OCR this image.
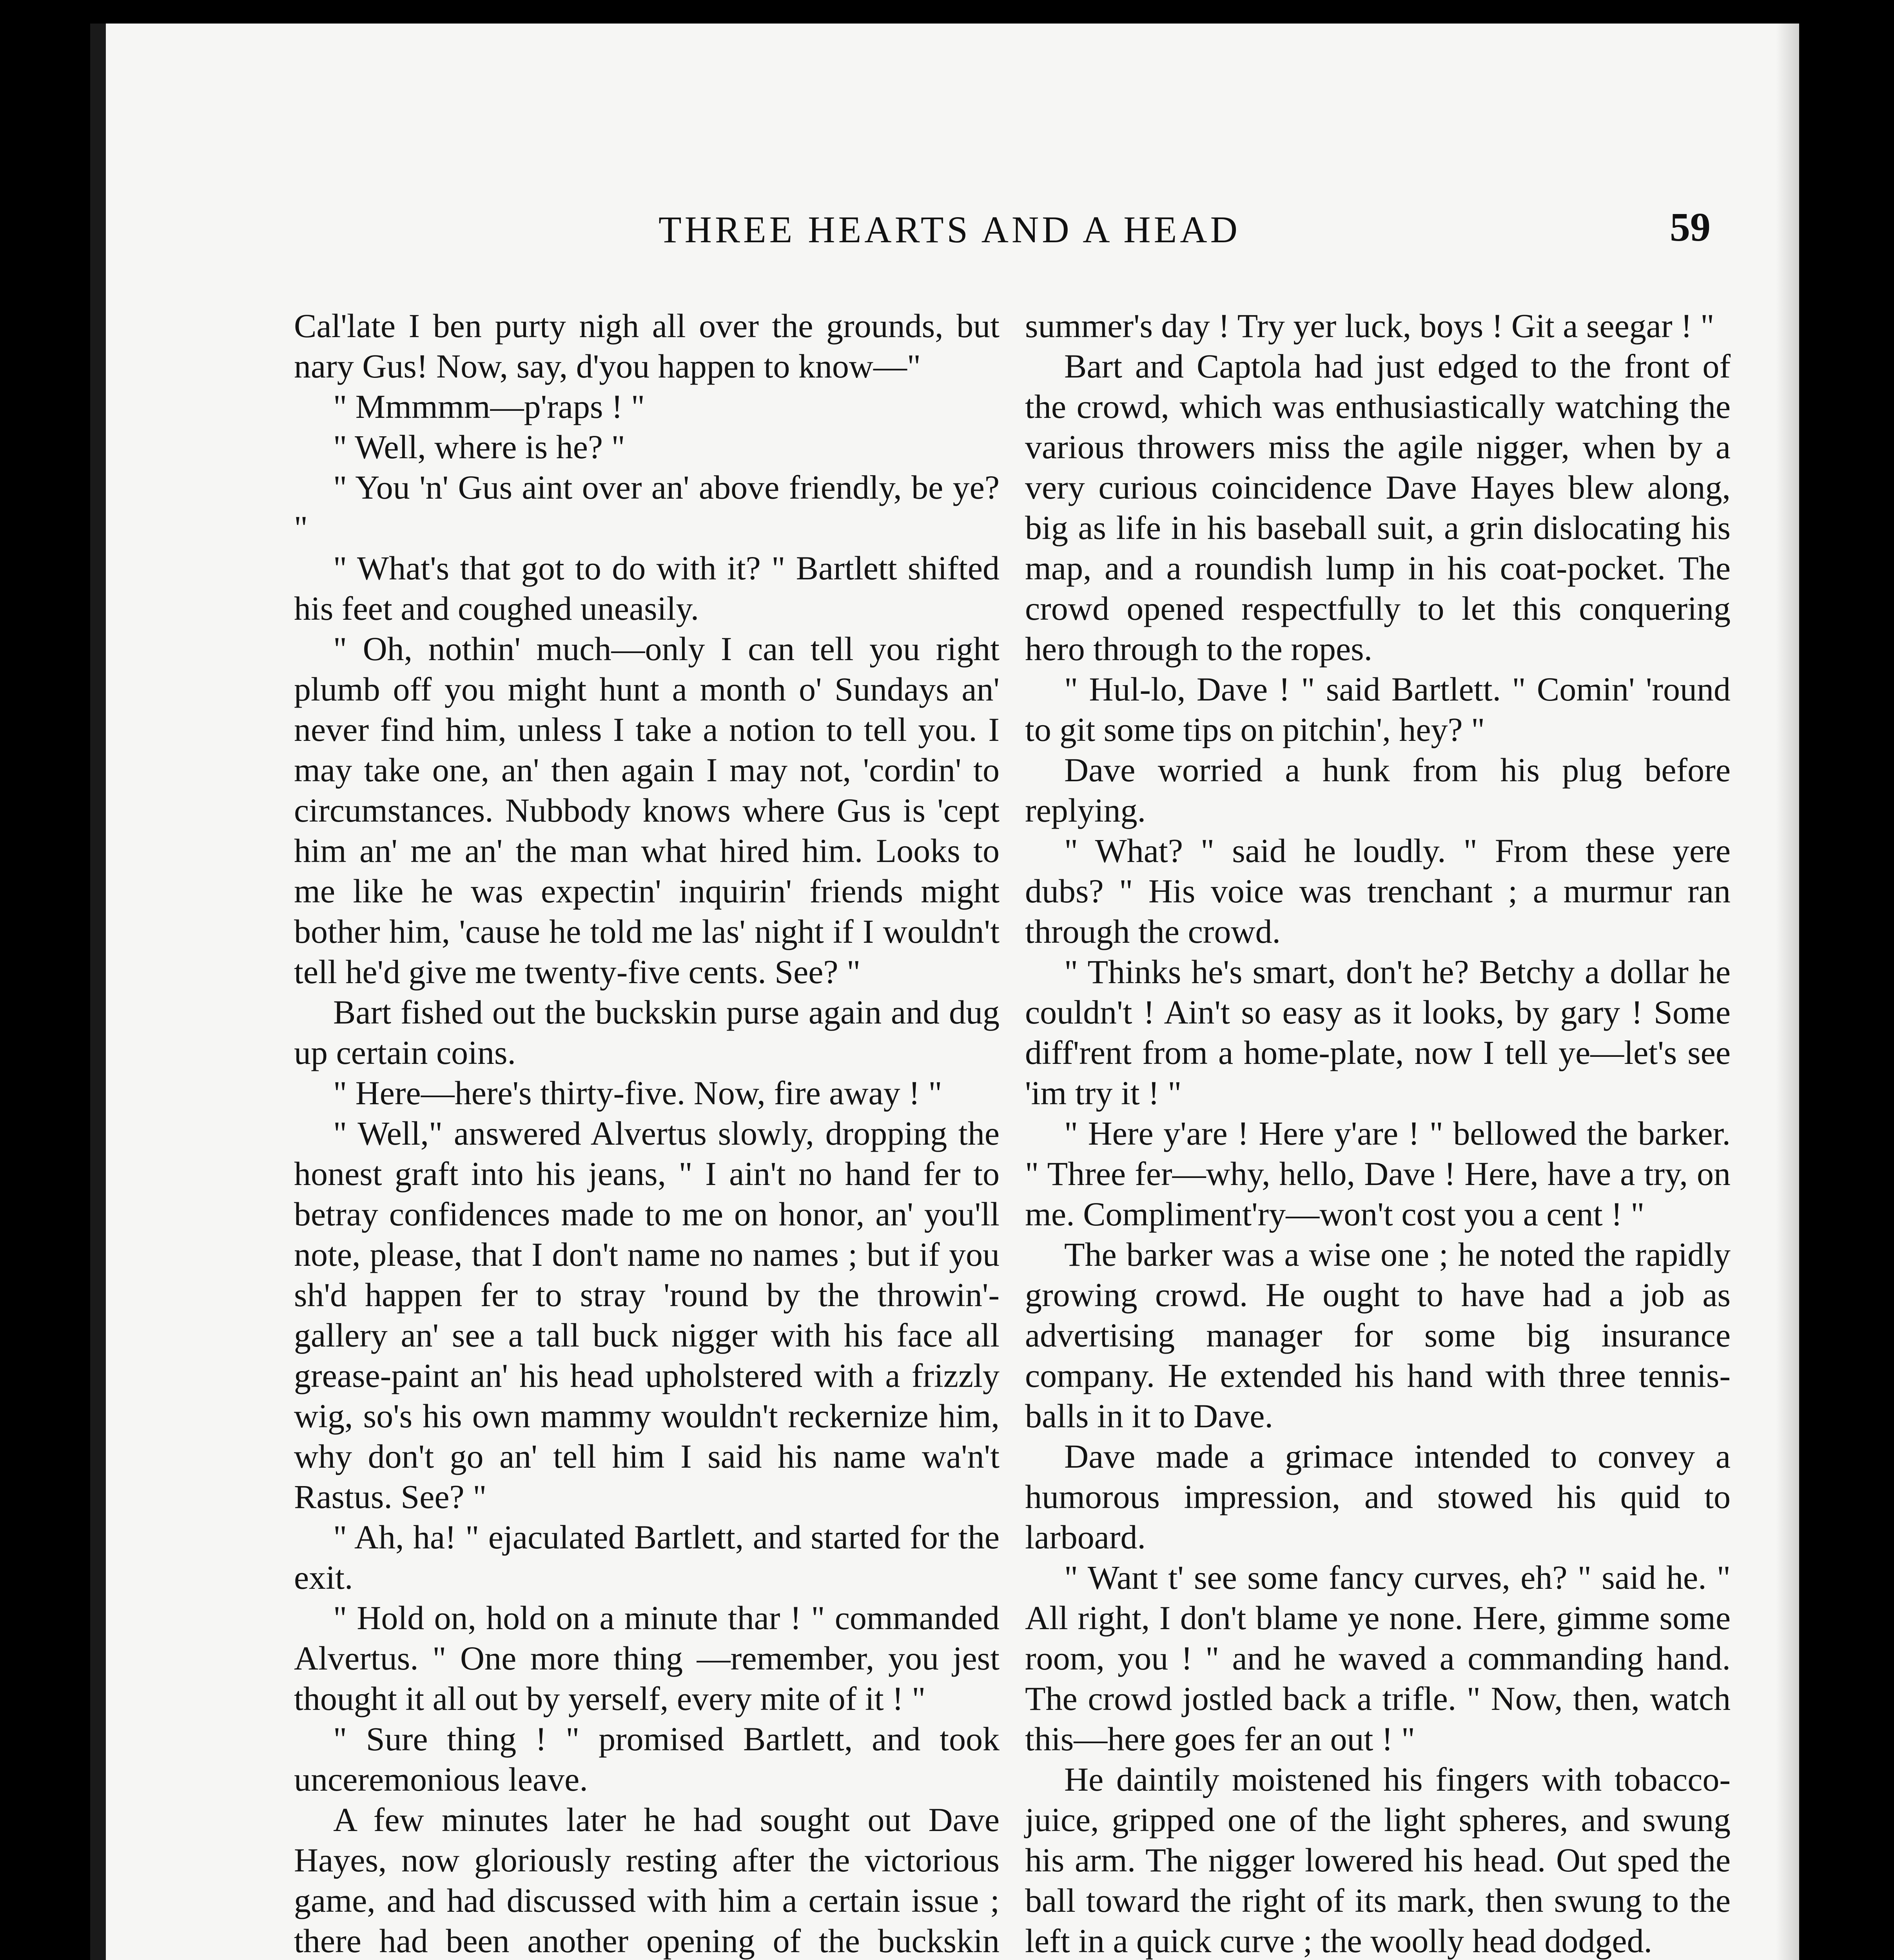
THREE HEARTS AND A HEAD	59

Cal'late I ben purty nigh all over the grounds, but nary Gus! Now, say, d'you happen to know—"

" Mmmmm—p'raps ! "

" Well, where is he? "

" You 'n' Gus aint over an' above friendly, be ye? "

" What's that got to do with it? " Bartlett shifted his feet and coughed uneasily.

" Oh, nothin' much—only I can tell you right plumb off you might hunt a month o' Sundays an' never find him, unless I take a notion to tell you. I may take one, an' then again I may not, 'cordin' to circumstances. Nubbody knows where Gus is 'cept him an' me an' the man what hired him. Looks to me like he was expectin' inquirin' friends might bother him, 'cause he told me las' night if I wouldn't tell he'd give me twenty-five cents. See? "

Bart fished out the buckskin purse again and dug up certain coins.

" Here—here's thirty-five. Now, fire away ! "

" Well," answered Alvertus slowly, dropping the honest graft into his jeans, " I ain't no hand fer to betray confidences made to me on honor, an' you'll note, please, that I don't name no names ; but if you sh'd happen fer to stray 'round by the throwin'-gallery an' see a tall buck nigger with his face all grease-paint an' his head upholstered with a frizzly wig, so's his own mammy wouldn't reckernize him, why don't go an' tell him I said his name wa'n't Rastus. See? "

" Ah, ha! " ejaculated Bartlett, and started for the exit.

" Hold on, hold on a minute thar ! " commanded Alvertus. " One more thing —remember, you jest thought it all out by yerself, every mite of it ! "

" Sure thing ! " promised Bartlett, and took unceremonious leave.

A few minutes later he had sought out Dave Hayes, now gloriously resting after the victorious game, and had discussed with him a certain issue ; there had been another opening of the buckskin

summer's day ! Try yer luck, boys ! Git a seegar ! "

Bart and Captola had just edged to the front of the crowd, which was enthusiastically watching the various throwers miss the agile nigger, when by a very curious coincidence Dave Hayes blew along, big as life in his baseball suit, a grin dislocating his map, and a roundish lump in his coat-pocket. The crowd opened respectfully to let this conquering hero through to the ropes.

" Hul-lo, Dave ! " said Bartlett. " Comin' 'round to git some tips on pitchin', hey? "

Dave worried a hunk from his plug before replying.

" What? " said he loudly. " From these yere dubs? " His voice was trenchant ; a murmur ran through the crowd.

" Thinks he's smart, don't he? Betchy a dollar he couldn't ! Ain't so easy as it looks, by gary ! Some diff'rent from a home-plate, now I tell ye—let's see 'im try it ! "

" Here y'are ! Here y'are ! " bellowed the barker. " Three fer—why, hello, Dave ! Here, have a try, on me. Compliment'ry—won't cost you a cent ! "

The barker was a wise one ; he noted the rapidly growing crowd. He ought to have had a job as advertising manager for some big insurance company. He extended his hand with three tennis-balls in it to Dave.

Dave made a grimace intended to convey a humorous impression, and stowed his quid to larboard.

" Want t' see some fancy curves, eh? " said he. " All right, I don't blame ye none. Here, gimme some room, you ! " and he waved a commanding hand. The crowd jostled back a trifle. " Now, then, watch this—here goes fer an out ! "

He daintily moistened his fingers with tobacco-juice, gripped one of the light spheres, and swung his arm. The nigger lowered his head. Out sped the ball toward the right of its mark, then swung to the left in a quick curve ; the woolly head dodged.
